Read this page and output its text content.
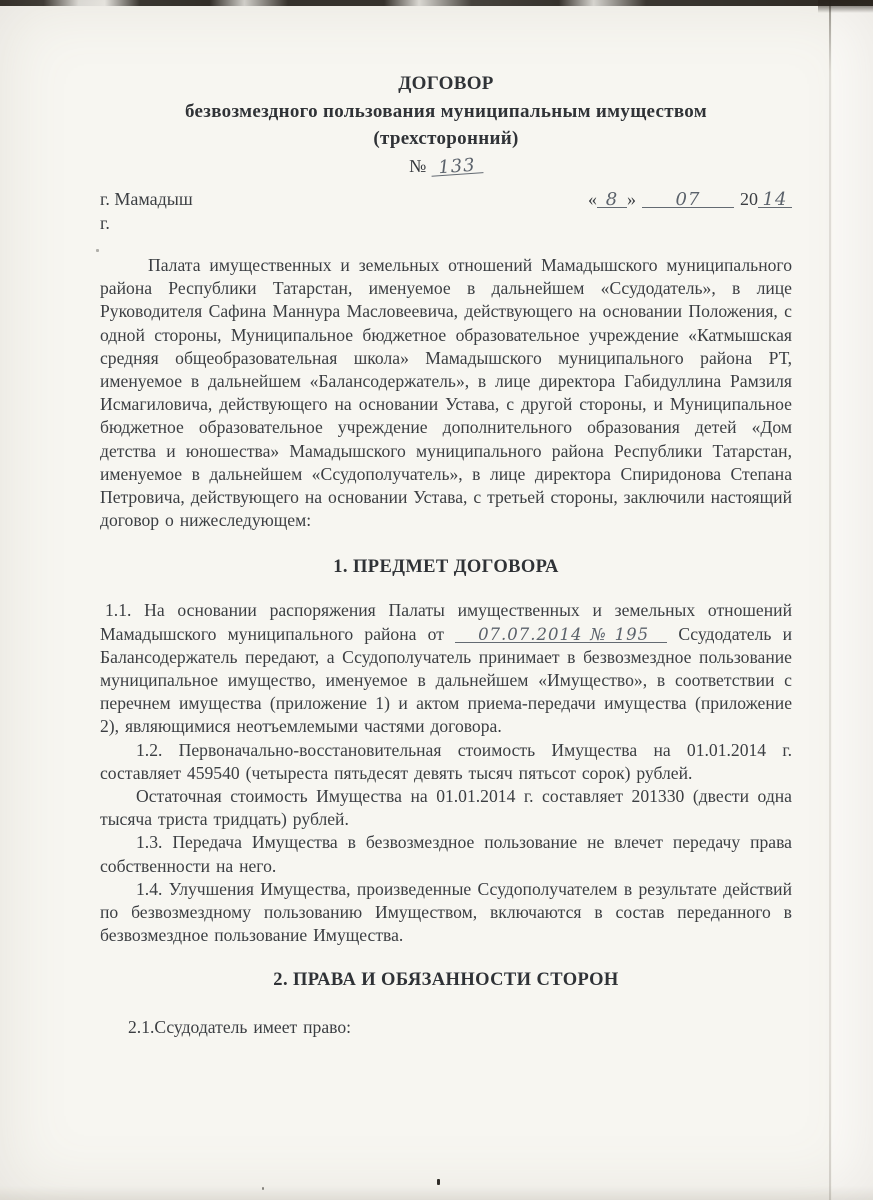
ДОГОВОР
безвозмездного пользования муниципальным имуществом
(трехсторонний)
№ 133
г. Мамадыш	« 8 » 07 20 14
г.

Палата имущественных и земельных отношений Мамадышского муниципального района Республики Татарстан, именуемое в дальнейшем «Ссудодатель», в лице Руководителя Сафина Маннура Масловеевича, действующего на основании Положения, с одной стороны, Муниципальное бюджетное образовательное учреждение «Катмышская средняя общеобразовательная школа» Мамадышского муниципального района РТ, именуемое в дальнейшем «Балансодержатель», в лице директора Габидуллина Рамзиля Исмагиловича, действующего на основании Устава, с другой стороны, и Муниципальное бюджетное образовательное учреждение дополнительного образования детей «Дом детства и юношества» Мамадышского муниципального района Республики Татарстан, именуемое в дальнейшем «Ссудополучатель», в лице директора Спиридонова Степана Петровича, действующего на основании Устава, с третьей стороны, заключили настоящий договор о нижеследующем:

1. ПРЕДМЕТ ДОГОВОРА

1.1. На основании распоряжения Палаты имущественных и земельных отношений Мамадышского муниципального района от 07.07.2014 № 195 Ссудодатель и Балансодержатель передают, а Ссудополучатель принимает в безвозмездное пользование муниципальное имущество, именуемое в дальнейшем «Имущество», в соответствии с перечнем имущества (приложение 1) и актом приема-передачи имущества (приложение 2), являющимися неотъемлемыми частями договора.

1.2. Первоначально-восстановительная стоимость Имущества на 01.01.2014 г. составляет 459540 (четыреста пятьдесят девять тысяч пятьсот сорок) рублей.

Остаточная стоимость Имущества на 01.01.2014 г. составляет 201330 (двести одна тысяча триста тридцать) рублей.

1.3. Передача Имущества в безвозмездное пользование не влечет передачу права собственности на него.

1.4. Улучшения Имущества, произведенные Ссудополучателем в результате действий по безвозмездному пользованию Имуществом, включаются в состав переданного в безвозмездное пользование Имущества.

2. ПРАВА И ОБЯЗАННОСТИ СТОРОН

2.1.Ссудодатель имеет право:
